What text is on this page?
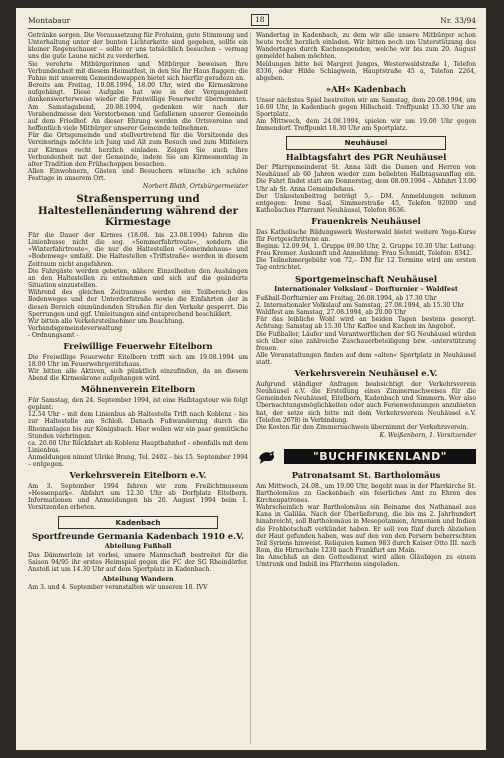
Montabaur	18	Nr. 33/94

Getränke sorgen. Die Voraussetzung für Frohsinn, gute Stimmung und Unterhaltung unter der bunten Lichterkette sind gegeben, sollte ein kleiner Regenschauer – sollte er uns tatsächlich besuchen – vermag uns die gute Laune nicht zu verderben.

Sie verehrte Mitbürgerinnen und Mitbürger beweisen Ihre Verbundenheit mit diesem Heimatfest, in den Sie Ihr Haus flaggen; die Fahne mit unserem Gemeindewappen bietet sich hierfür geradezu an.

Bereits am Freitag, 19.08.1994, 18.00 Uhr, wird die Kirmeskrone aufgehängt. Diese Aufgabe hat wie in der Vergangenheit dankenswerterweise wieder die Freiwillige Feuerwehr übernommen. Am Samstagabend, 20.08.1994, gedenken wir nach der Vorabendmesse den Verstorbenen und Gefallenen unserer Gemeinde auf dem Friedhof. An dieser Ehrung werden die Ortsvereine und hoffentlich viele Mitbürger unserer Gemeinde teilnehmen.

Für die Ortsgemeinde und stellvertretend für die Vorsitzende des Vereinsrings möchte ich Jung und Alt zum Besuch und zum Mitfeiern zur Kirmes recht herzlich einladen. Zeigen Sie auch Ihre Verbundenheit mit der Gemeinde, indem Sie am Kirmesmontag in alter Tradition den Frühschoppen besuchen.

Allen Einwohnern, Gästen und Besuchern wünsche ich schöne Festtage in unserem Ort.

Norbert Blath, Ortsbürgermeister

Straßensperrung und Haltestellenänderung während der Kirmestage

Für die Dauer der Kirmes (18.08. bis 23.08.1994) fahren die Linienbusse nicht die sog. »Sommerfahrtroute«, sondern die »Winterfahrtroute«, die nur die Haltestellen »Gemeindehaus« und »Bodenweg« umfaßt. Die Haltestellen »Triftstraße« werden in diesem Zeitraum nicht angefahren.

Die Fahrgäste werden gebeten, nähere Einzelheiten den Aushängen an den Haltestellen zu entnehmen und sich auf die geänderte Situation einzustellen.

Während des gleichen Zeitraumes werden ein Teilbereich des Bodenweges und der Unterdorfstraße sowie die Einfahrten der in diesen Bereich einmündenden Straßen für den Verkehr gesperrt. Die Sperrungen und ggf. Umleitungen sind entsprechend beschildert.

Wir bitten alle Verkehrsteilnehmer um Beachtung.

Verbandsgemeindeverwaltung

- Ordnungsamt -

Freiwillige Feuerwehr Eitelborn

Die Freiwillige Feuerwehr Eitelborn trifft sich am 19.08.1994 um 18.00 Uhr im Feuerwehrgerätehaus.

Wir bitten alle Aktiven, sich pünktlich einzufinden, da an diesem Abend die Kirmeskrone aufgehangen wird.

Möhnenverein Eitelborn

Für Samstag, den 24. September 1994, ist eine Halbtagstour wie folgt geplant:

12.54 Uhr – mit dem Linienbus ab Haltestelle Trift nach Koblenz – bis zur Haltestelle am Schloß. Danach Fußwanderung durch die Rheinanlagen bis zur Königsbach. Hier wollen wir ein paar gemütliche Stunden verbringen.

ca. 20.00 Uhr Rückfahrt ab Koblenz Hauptbahnhof – ebenfalls mit dem Linienbus.

Anmeldungen nimmt Ulrike Brang, Tel. 2402 – bis 15. September 1994 – entgegen.

Verkehrsverein Eitelborn e.V.

Am 3. September 1994 fahren wir zum Freilichtmuseum »Hessenpark«. Abfahrt um 12.30 Uhr ab Dorfplatz Eitelborn. Informationen und Anmeldungen bis 26. August 1994 beim 1. Vorsitzenden erbeten.

Kadenbach
Sportfreunde Germania Kadenbach 1910 e.V.
Abteilung Fußball

Das Dämmerlein ist vorbei, unsere Mannschaft bestreitet für die Saison 94/95 ihr erstes Heimspiel gegen die FC der SG Rheindörfer. Anstoß ist um 14.30 Uhr auf dem Sportplatz in Kadenbach.

Abteilung Wandern

Am 3. und 4. September veranstalten wir unseren 10. IVV

Wandertag in Kadenbach, zu dem wir alle unsere Mitbürger schon heute recht herzlich einladen. Wir bitten noch um Unterstützung des Wandertages durch Kuchenspenden, welche wir bis zum 20. August gemeldet haben möchten.

Meldungen bitte bei Margret Junges, Westerwaldstraße 1, Telefon 8336, oder Hilde Schlagwein, Hauptstraße 45 a, Telefon 2264, abgeben.

»AH« Kadenbach

Unser nächstes Spiel bestreiten wir am Samstag, dem 20.08.1994, um 16.00 Uhr, in Kadenbach gegen Hillscheid. Treffpunkt 15.30 Uhr am Sportplatz.

Am Mittwoch, dem 24.08.1994, spielen wir um 19.00 Uhr gegen Immendorf. Treffpunkt 18.30 Uhr am Sportplatz.

Neuhäusel
Halbtagsfahrt des PGR Neuhäusel

Der Pfarrgemeinderat St. Anna lädt die Damen und Herren von Neuhäusel ab 60 Jahren wieder zum beliebten Halbtagsausflug ein. Die Fahrt findet statt am Donnerstag, dem 08.09.1994 – Abfahrt 13.00 Uhr ab St. Anna Gemeindehaus.

Der Unkostenbeitrag beträgt 5,– DM. Anmeldungen nehmen entgegen: Irene Saal, Simmerstraße 45, Telefon 92000 und Katholisches Pfarramt Neuhäusel, Telefon 8636.

Frauenkreis Neuhäusel

Das Katholische Bildungswerk Westerwald bietet weitere Yoga-Kurse für Fortgeschrittene an.

Beginn: 12.09.94, 1. Gruppe 09.00 Uhr, 2. Gruppe 10.30 Uhr. Leitung: Frau Kremer. Auskunft und Anmeldung: Frau Schmidt, Telefon: 8342.

Die Teilnehmergebühr von 72,– DM für 12 Termine wird am ersten Tag entrichtet.

Sportgemeinschaft Neuhäusel
Internationaler Volkslauf – Dorfturnier – Waldfest

Fußball-Dorfturnier am Freitag, 26.08.1994, ab 17.30 Uhr

2. Internationaler Volkslauf am Samstag, 27.08.1994, ab 15.30 Uhr

Waldfest am Samstag, 27.08.1994, ab 20.00 Uhr

Für das leibliche Wohl wird an beiden Tagen bestens gesorgt. Achtung: Samstag ab 15.30 Uhr Kaffee und Kuchen im Angebot.

Die Fußballer, Läufer und Verantwortlichen der SG Neuhäusel würden sich über eine zahlreiche Zuschauerbeteiligung bzw. -unterstützung freuen.

Alle Veranstaltungen finden auf dem »alten« Sportplatz in Neuhäusel statt.

Verkehrsverein Neuhäusel e.V.

Aufgrund ständiger Anfragen beabsichtigt der Verkehrsverein Neuhäusel e.V. die Erstellung eines Zimmernachweises für die Gemeinden Neuhäusel, Eitelborn, Kadenbach und Simmern. Wer also Übernachtungsmöglichkeiten oder auch Ferienwohnungen anzubieten hat, der setze sich bitte mit dem Verkehrsverein Neuhäusel e.V. (Telefon 2678) in Verbindung.

Die Kosten für den Zimmernachweis übernimmt der Verkehrsverein.

K. Weißenborn, 1. Vorsitzender

"BUCHFINKENLAND"
Patronatsamt St. Bartholomäus

Am Mittwoch, 24.08., um 19.00 Uhr, begeht man in der Pfarrkirche St. Bartholomäus zu Gackenbach ein feierliches Amt zu Ehren des Kirchenpatrones.

Wahrscheinlich war Bartholomäus ein Beiname des Nathanael aus Kana in Galiläa. Nach der Überlieferung, die bis ins 2. Jahrhundert hinabreicht, soll Bartholomäus in Mesopotamien, Armenien und Indien die Frohbotschaft verkündet haben. Er soll von fünf durch Abziehen der Haut gefunden haben, was auf den von den Persern beherrschten Teil Syriens hinweist. Reliquien kamen 983 durch Kaiser Otto III. nach Rom, die Hirnschale 1238 nach Frankfurt am Main.

Im Anschluß an den Gottesdienst wird allen Gläubigen zu einem Umtrunk und Imbiß ins Pfarrheim eingeladen.
